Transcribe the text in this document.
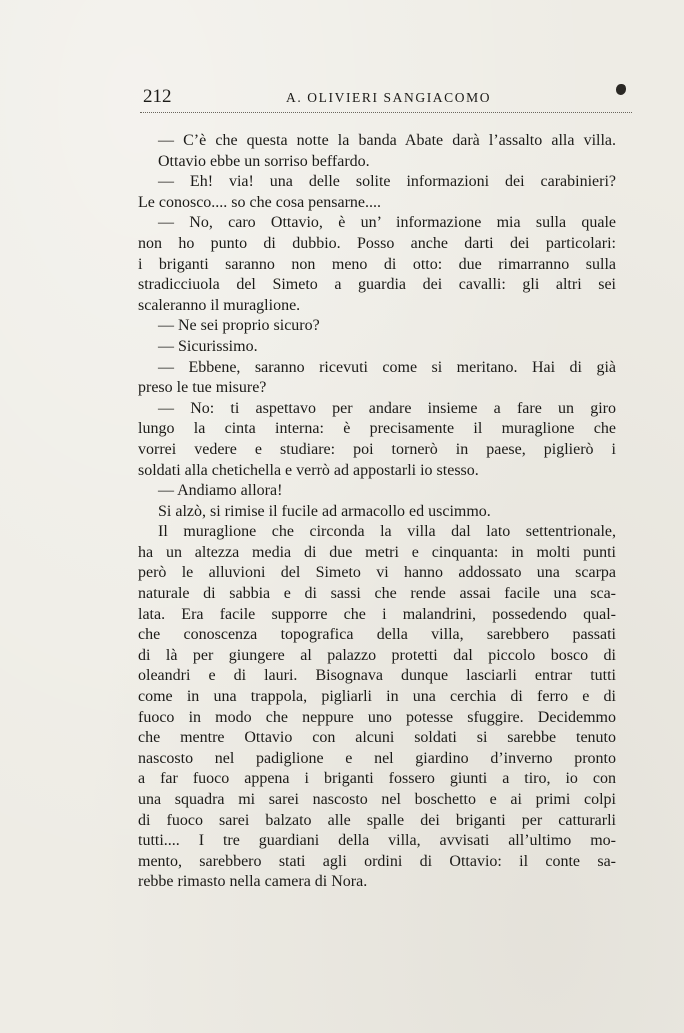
212	A. OLIVIERI SANGIACOMO
— C’è che questa notte la banda Abate darà l’assalto alla villa.
Ottavio ebbe un sorriso beffardo.
— Eh! via! una delle solite informazioni dei carabinieri?
Le conosco.... so che cosa pensarne....
— No, caro Ottavio, è un’ informazione mia sulla quale
non ho punto di dubbio. Posso anche darti dei particolari:
i briganti saranno non meno di otto: due rimarranno sulla
stradicciuola del Simeto a guardia dei cavalli: gli altri sei
scaleranno il muraglione.
— Ne sei proprio sicuro?
— Sicurissimo.
— Ebbene, saranno ricevuti come si meritano. Hai di già
preso le tue misure?
— No: ti aspettavo per andare insieme a fare un giro
lungo la cinta interna: è precisamente il muraglione che
vorrei vedere e studiare: poi tornerò in paese, piglierò i
soldati alla chetichella e verrò ad appostarli io stesso.
— Andiamo allora!
Si alzò, si rimise il fucile ad armacollo ed uscimmo.
Il muraglione che circonda la villa dal lato settentrionale,
ha un altezza media di due metri e cinquanta: in molti punti
però le alluvioni del Simeto vi hanno addossato una scarpa
naturale di sabbia e di sassi che rende assai facile una sca-
lata. Era facile supporre che i malandrini, possedendo qual-
che conoscenza topografica della villa, sarebbero passati
di là per giungere al palazzo protetti dal piccolo bosco di
oleandri e di lauri. Bisognava dunque lasciarli entrar tutti
come in una trappola, pigliarli in una cerchia di ferro e di
fuoco in modo che neppure uno potesse sfuggire. Decidemmo
che mentre Ottavio con alcuni soldati si sarebbe tenuto
nascosto nel padiglione e nel giardino d’inverno pronto
a far fuoco appena i briganti fossero giunti a tiro, io con
una squadra mi sarei nascosto nel boschetto e ai primi colpi
di fuoco sarei balzato alle spalle dei briganti per catturarli
tutti.... I tre guardiani della villa, avvisati all’ultimo mo-
mento, sarebbero stati agli ordini di Ottavio: il conte sa-
rebbe rimasto nella camera di Nora.
